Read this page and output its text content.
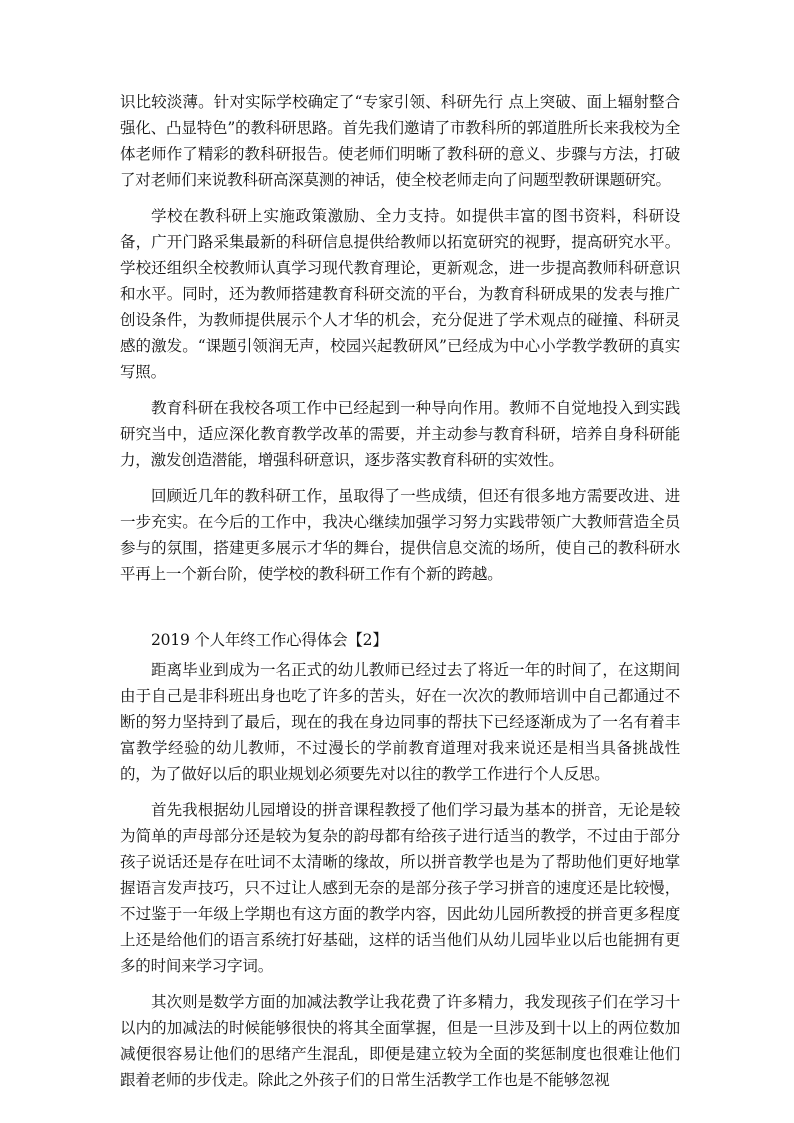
识比较淡薄。针对实际学校确定了“专家引领、科研先行 点上突破、面上辐射整合强化、凸显特色”的教科研思路。首先我们邀请了市教科所的郭道胜所长来我校为全体老师作了精彩的教科研报告。使老师们明晰了教科研的意义、步骤与方法，打破了对老师们来说教科研高深莫测的神话，使全校老师走向了问题型教研课题研究。

学校在教科研上实施政策激励、全力支持。如提供丰富的图书资料，科研设备，广开门路采集最新的科研信息提供给教师以拓宽研究的视野，提高研究水平。学校还组织全校教师认真学习现代教育理论，更新观念，进一步提高教师科研意识和水平。同时，还为教师搭建教育科研交流的平台，为教育科研成果的发表与推广创设条件，为教师提供展示个人才华的机会，充分促进了学术观点的碰撞、科研灵感的激发。“课题引领润无声，校园兴起教研风”已经成为中心小学教学教研的真实写照。

教育科研在我校各项工作中已经起到一种导向作用。教师不自觉地投入到实践研究当中，适应深化教育教学改革的需要，并主动参与教育科研，培养自身科研能力，激发创造潜能，增强科研意识，逐步落实教育科研的实效性。

回顾近几年的教科研工作，虽取得了一些成绩，但还有很多地方需要改进、进一步充实。在今后的工作中，我决心继续加强学习努力实践带领广大教师营造全员参与的氛围，搭建更多展示才华的舞台，提供信息交流的场所，使自己的教科研水平再上一个新台阶，使学校的教科研工作有个新的跨越。

2019 个人年终工作心得体会【2】

距离毕业到成为一名正式的幼儿教师已经过去了将近一年的时间了，在这期间由于自己是非科班出身也吃了许多的苦头，好在一次次的教师培训中自己都通过不断的努力坚持到了最后，现在的我在身边同事的帮扶下已经逐渐成为了一名有着丰富教学经验的幼儿教师，不过漫长的学前教育道理对我来说还是相当具备挑战性的，为了做好以后的职业规划必须要先对以往的教学工作进行个人反思。

首先我根据幼儿园增设的拼音课程教授了他们学习最为基本的拼音，无论是较为简单的声母部分还是较为复杂的韵母都有给孩子进行适当的教学，不过由于部分孩子说话还是存在吐词不太清晰的缘故，所以拼音教学也是为了帮助他们更好地掌握语言发声技巧，只不过让人感到无奈的是部分孩子学习拼音的速度还是比较慢，不过鉴于一年级上学期也有这方面的教学内容，因此幼儿园所教授的拼音更多程度上还是给他们的语言系统打好基础，这样的话当他们从幼儿园毕业以后也能拥有更多的时间来学习字词。

其次则是数学方面的加减法教学让我花费了许多精力，我发现孩子们在学习十以内的加减法的时候能够很快的将其全面掌握，但是一旦涉及到十以上的两位数加减便很容易让他们的思绪产生混乱，即便是建立较为全面的奖惩制度也很难让他们跟着老师的步伐走。除此之外孩子们的日常生活教学工作也是不能够忽视
